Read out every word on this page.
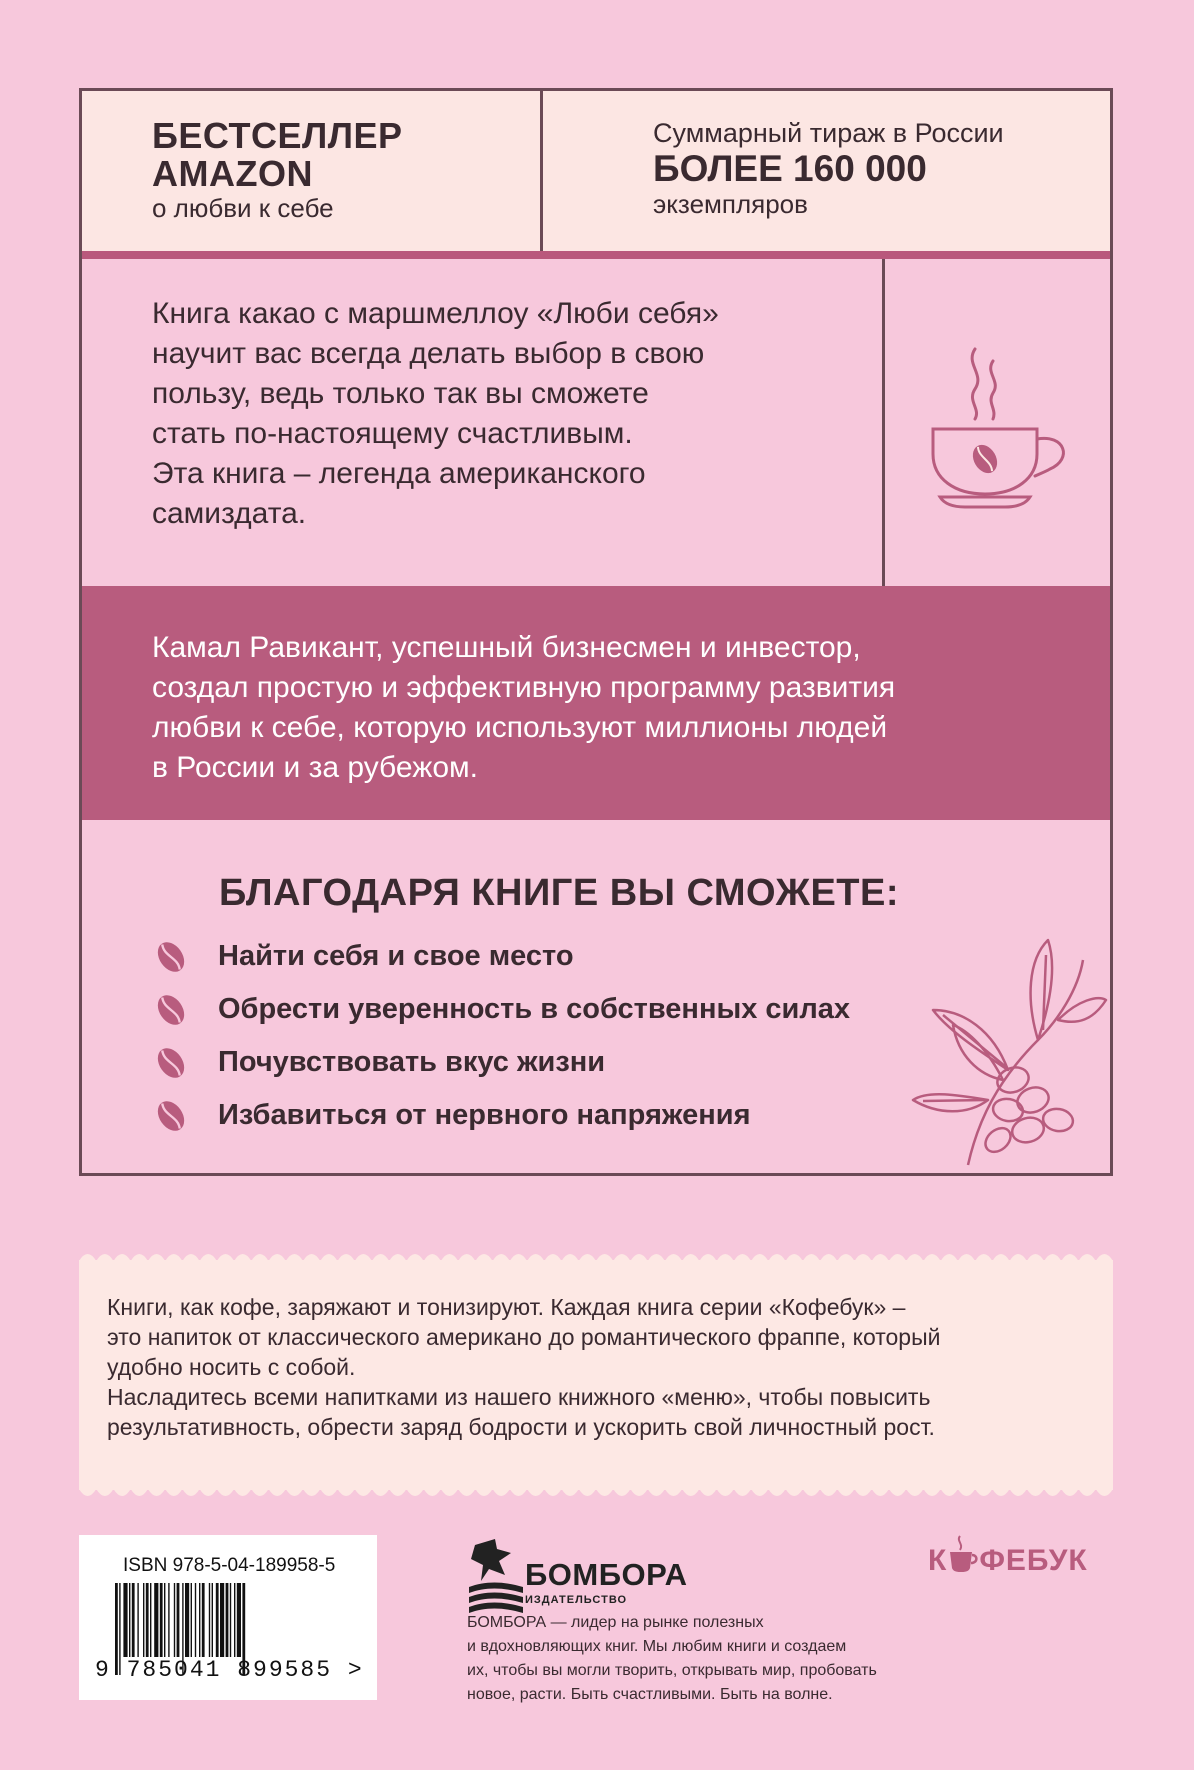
БЕСТСЕЛЛЕР
AMAZON
о любви к себе
Суммарный тираж в России
БОЛЕЕ 160 000
экземпляров
Книга какао с маршмеллоу «Люби себя»
научит вас всегда делать выбор в свою
пользу, ведь только так вы сможете
стать по-настоящему счастливым.
Эта книга – легенда американского
самиздата.
Камал Равикант, успешный бизнесмен и инвестор,
создал простую и эффективную программу развития
любви к себе, которую используют миллионы людей
в России и за рубежом.
БЛАГОДАРЯ КНИГЕ ВЫ СМОЖЕТЕ:
Найти себя и свое место
Обрести уверенность в собственных силах
Почувствовать вкус жизни
Избавиться от нервного напряжения
Книги, как кофе, заряжают и тонизируют. Каждая книга серии «Кофебук» –
это напиток от классического американо до романтического фраппе, который
удобно носить с собой.
Насладитесь всеми напитками из нашего книжного «меню», чтобы повысить
результативность, обрести заряд бодрости и ускорить свой личностный рост.
ISBN 978-5-04-189958-5
9 785041 899585 >
БОМБОРА
ИЗДАТЕЛЬСТВО
БОМБОРА — лидер на рынке полезных
и вдохновляющих книг. Мы любим книги и создаем
их, чтобы вы могли творить, открывать мир, пробовать
новое, расти. Быть счастливыми. Быть на волне.
К ФЕБУК
